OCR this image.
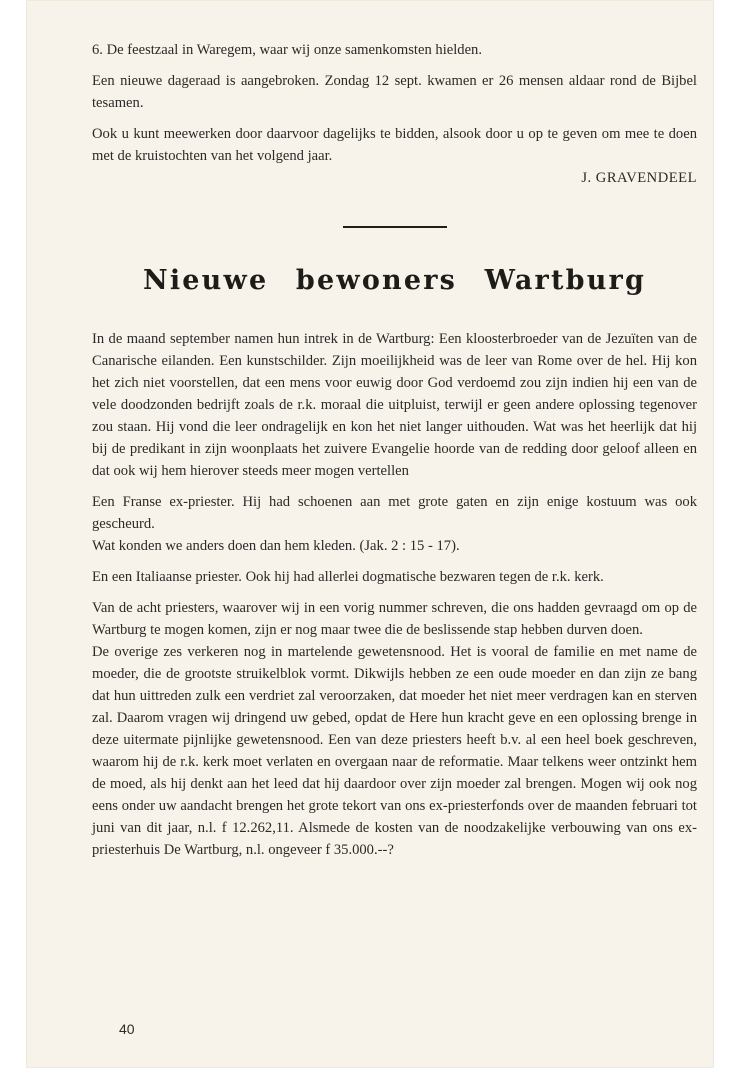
6. De feestzaal in Waregem, waar wij onze samenkomsten hielden.

Een nieuwe dageraad is aangebroken. Zondag 12 sept. kwamen er 26 mensen aldaar rond de Bijbel tesamen.

Ook u kunt meewerken door daarvoor dagelijks te bidden, alsook door u op te geven om mee te doen met de kruistochten van het volgend jaar.

J. GRAVENDEEL

Nieuwe bewoners Wartburg

In de maand september namen hun intrek in de Wartburg: Een kloosterbroeder van de Jezuïten van de Canarische eilanden. Een kunstschilder. Zijn moeilijkheid was de leer van Rome over de hel. Hij kon het zich niet voorstellen, dat een mens voor euwig door God verdoemd zou zijn indien hij een van de vele doodzonden bedrijft zoals de r.k. moraal die uitpluist, terwijl er geen andere oplossing tegenover zou staan. Hij vond die leer ondragelijk en kon het niet langer uithouden. Wat was het heerlijk dat hij bij de predikant in zijn woonplaats het zuivere Evangelie hoorde van de redding door geloof alleen en dat ook wij hem hierover steeds meer mogen vertellen

Een Franse ex-priester. Hij had schoenen aan met grote gaten en zijn enige kostuum was ook gescheurd.

Wat konden we anders doen dan hem kleden. (Jak. 2 : 15 - 17).

En een Italiaanse priester. Ook hij had allerlei dogmatische bezwaren tegen de r.k. kerk.

Van de acht priesters, waarover wij in een vorig nummer schreven, die ons hadden gevraagd om op de Wartburg te mogen komen, zijn er nog maar twee die de beslissende stap hebben durven doen.

De overige zes verkeren nog in martelende gewetensnood. Het is vooral de familie en met name de moeder, die de grootste struikelblok vormt. Dikwijls hebben ze een oude moeder en dan zijn ze bang dat hun uittreden zulk een verdriet zal veroorzaken, dat moeder het niet meer verdragen kan en sterven zal. Daarom vragen wij dringend uw gebed, opdat de Here hun kracht geve en een oplossing brenge in deze uitermate pijnlijke gewetensnood. Een van deze priesters heeft b.v. al een heel boek geschreven, waarom hij de r.k. kerk moet verlaten en overgaan naar de reformatie. Maar telkens weer ontzinkt hem de moed, als hij denkt aan het leed dat hij daardoor over zijn moeder zal brengen. Mogen wij ook nog eens onder uw aandacht brengen het grote tekort van ons ex-priesterfonds over de maanden februari tot juni van dit jaar, n.l. f 12.262,11. Alsmede de kosten van de noodzakelijke verbouwing van ons ex-priesterhuis De Wartburg, n.l. ongeveer f 35.000.--?

40
